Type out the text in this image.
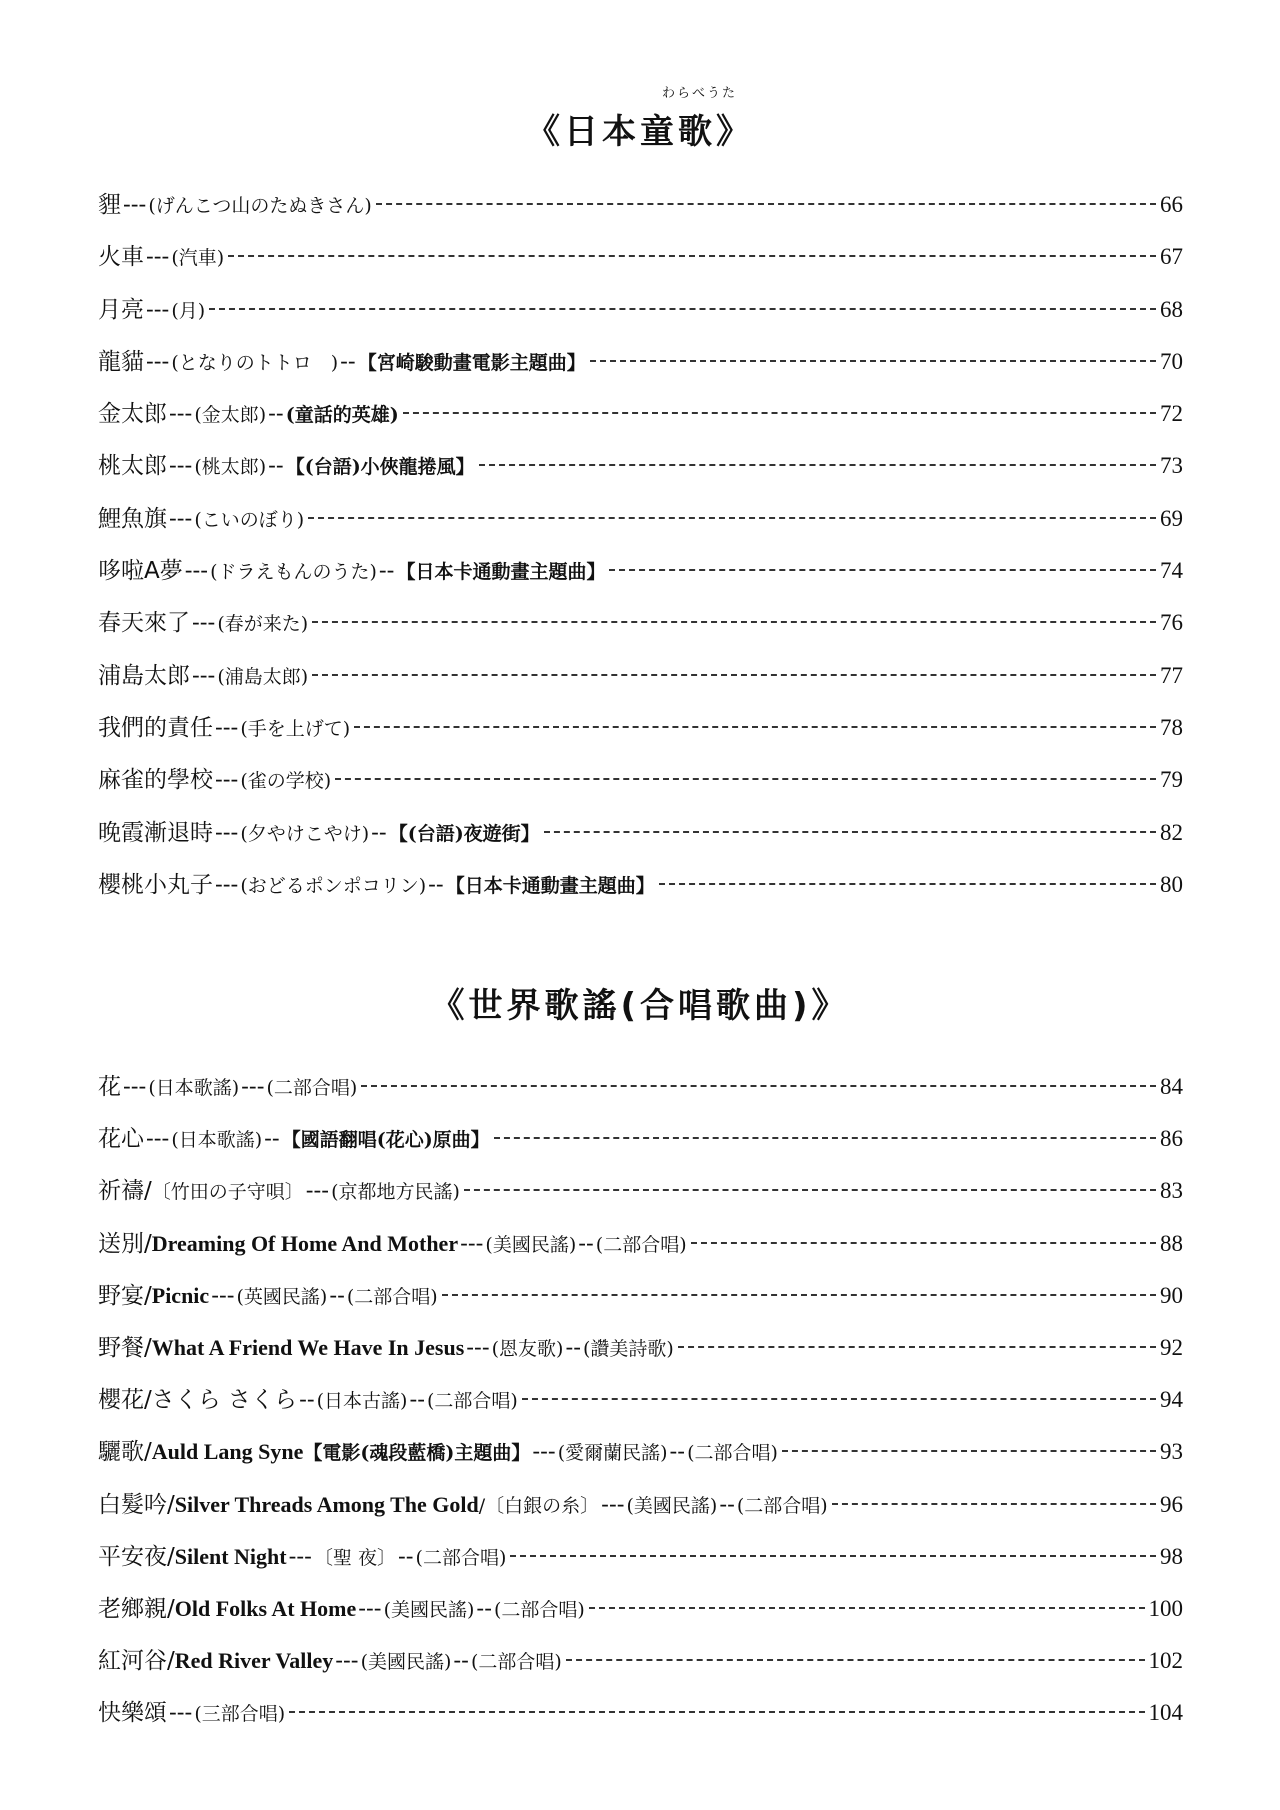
《日本童歌》
わらべうた
貍 --- (げんこつ山のたぬきさん)	66
火車 --- (汽車)	67
月亮 --- (月)	68
龍貓 --- (となりのトトロ　) -- 【宮崎駿動畫電影主題曲】	70
金太郎 --- (金太郎) -- (童話的英雄)	72
桃太郎 --- (桃太郎) -- 【(台語)小俠龍捲風】	73
鯉魚旗 --- (こいのぼり)	69
哆啦A夢 --- (ドラえもんのうた) -- 【日本卡通動畫主題曲】	74
春天來了 --- (春が来た)	76
浦島太郎 --- (浦島太郎)	77
我們的責任 --- (手を上げて)	78
麻雀的學校 --- (雀の学校)	79
晚霞漸退時 --- (夕やけこやけ) -- 【(台語)夜遊街】	82
櫻桃小丸子 --- (おどるポンポコリン) -- 【日本卡通動畫主題曲】	80
《世界歌謠(合唱歌曲)》
花 --- (日本歌謠) --- (二部合唱)	84
花心 --- (日本歌謠) -- 【國語翻唱(花心)原曲】	86
祈禱/ 〔竹田の子守唄〕 --- (京都地方民謠)	83
送別/ Dreaming Of Home And Mother --- (美國民謠) -- (二部合唱)	88
野宴/ Picnic --- (英國民謠) -- (二部合唱)	90
野餐/ What A Friend We Have In Jesus --- (恩友歌) -- (讚美詩歌)	92
櫻花/さくら さくら -- (日本古謠) -- (二部合唱)	94
驪歌/ Auld Lang Syne 【電影(魂段藍橋)主題曲】 --- (愛爾蘭民謠) -- (二部合唱)	93
白髮吟/ Silver Threads Among The Gold /〔白銀の糸〕 --- (美國民謠) -- (二部合唱)	96
平安夜/ Silent Night --- 〔聖 夜〕 -- (二部合唱)	98
老鄉親/ Old Folks At Home --- (美國民謠) -- (二部合唱)	100
紅河谷/ Red River Valley --- (美國民謠) -- (二部合唱)	102
快樂頌 --- (三部合唱)	104
